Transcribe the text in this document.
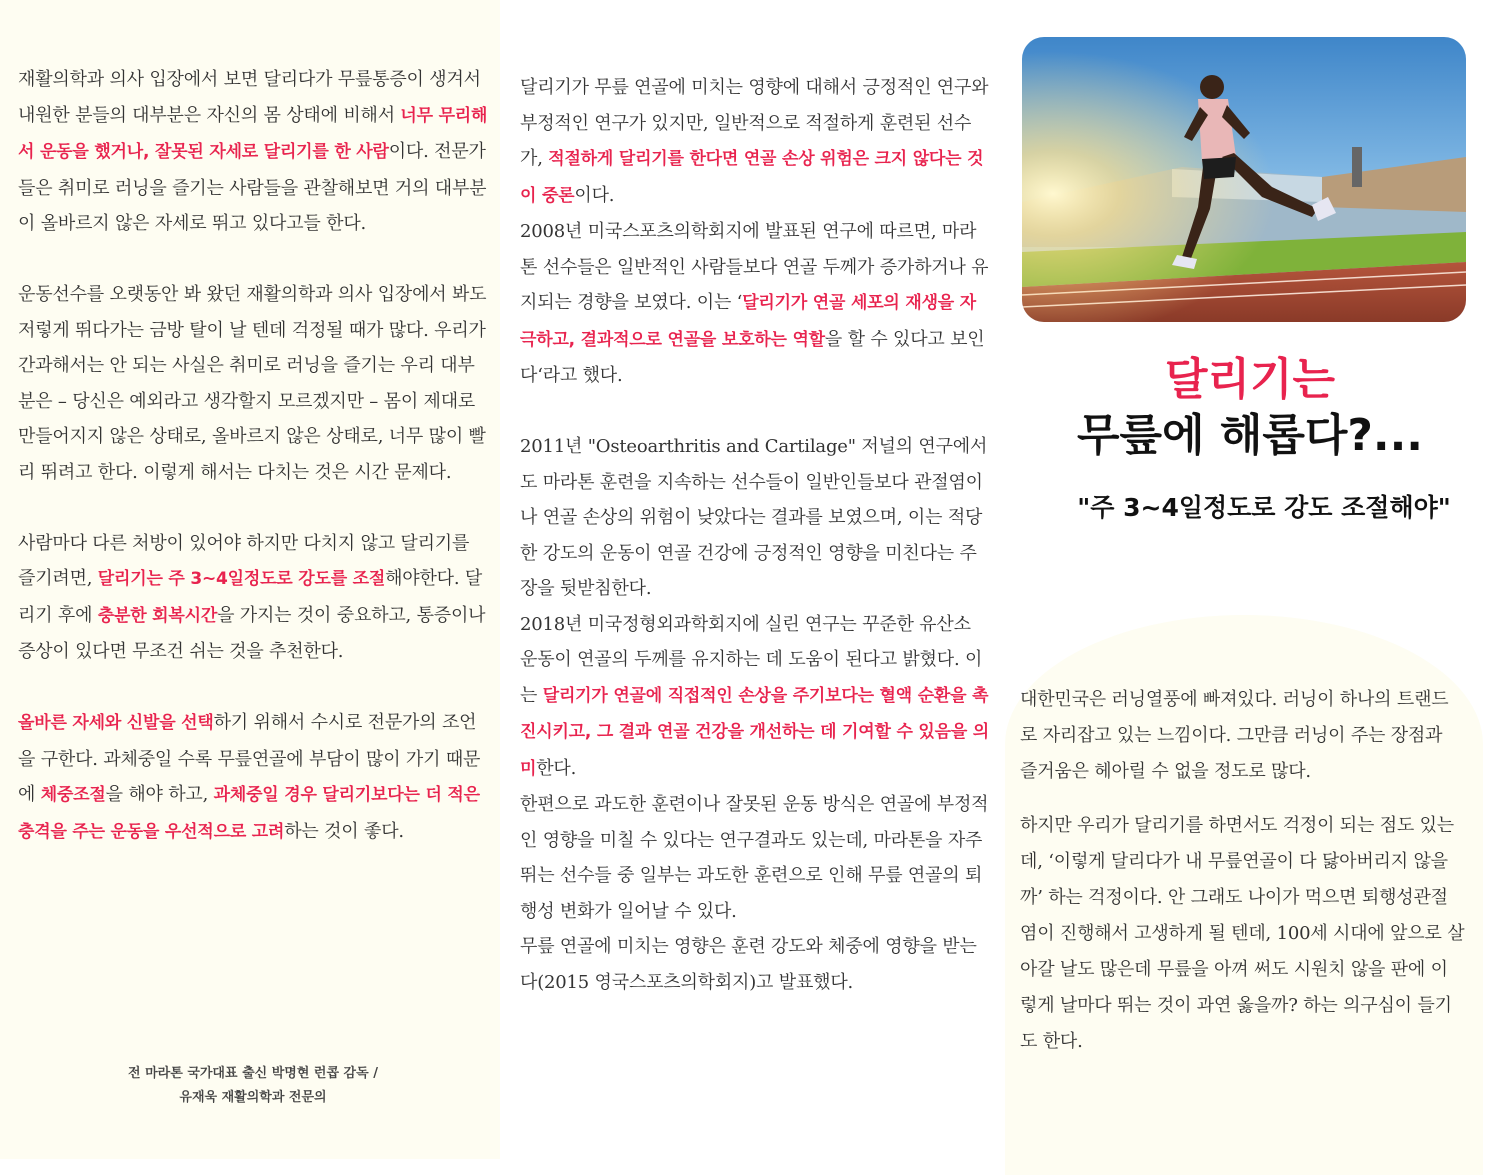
재활의학과 의사 입장에서 보면 달리다가 무릎통증이 생겨서 내원한 분들의 대부분은 자신의 몸 상태에 비해서 너무 무리해서 운동을 했거나, 잘못된 자세로 달리기를 한 사람이다. 전문가들은 취미로 러닝을 즐기는 사람들을 관찰해보면 거의 대부분이 올바르지 않은 자세로 뛰고 있다고들 한다.

운동선수를 오랫동안 봐 왔던 재활의학과 의사 입장에서 봐도 저렇게 뛰다가는 금방 탈이 날 텐데 걱정될 때가 많다. 우리가 간과해서는 안 되는 사실은 취미로 러닝을 즐기는 우리 대부분은 – 당신은 예외라고 생각할지 모르겠지만 – 몸이 제대로 만들어지지 않은 상태로, 올바르지 않은 상태로, 너무 많이 빨리 뛰려고 한다. 이렇게 해서는 다치는 것은 시간 문제다.

사람마다 다른 처방이 있어야 하지만 다치지 않고 달리기를 즐기려면, 달리기는 주 3~4일정도로 강도를 조절해야한다. 달리기 후에 충분한 회복시간을 가지는 것이 중요하고, 통증이나 증상이 있다면 무조건 쉬는 것을 추천한다.

올바른 자세와 신발을 선택하기 위해서 수시로 전문가의 조언을 구한다. 과체중일 수록 무릎연골에 부담이 많이 가기 때문에 체중조절을 해야 하고, 과체중일 경우 달리기보다는 더 적은 충격을 주는 운동을 우선적으로 고려하는 것이 좋다.

전 마라톤 국가대표 출신 박명현 런콥 감독 /
유재욱 재활의학과 전문의

달리기가 무릎 연골에 미치는 영향에 대해서 긍정적인 연구와 부정적인 연구가 있지만, 일반적으로 적절하게 훈련된 선수가, 적절하게 달리기를 한다면 연골 손상 위험은 크지 않다는 것이 중론이다.

2008년 미국스포츠의학회지에 발표된 연구에 따르면, 마라톤 선수들은 일반적인 사람들보다 연골 두께가 증가하거나 유지되는 경향을 보였다. 이는 ‘달리기가 연골 세포의 재생을 자극하고, 결과적으로 연골을 보호하는 역할을 할 수 있다고 보인다‘라고 했다.

2011년 "Osteoarthritis and Cartilage" 저널의 연구에서도 마라톤 훈련을 지속하는 선수들이 일반인들보다 관절염이나 연골 손상의 위험이 낮았다는 결과를 보였으며, 이는 적당한 강도의 운동이 연골 건강에 긍정적인 영향을 미친다는 주장을 뒷받침한다.

2018년 미국정형외과학회지에 실린 연구는 꾸준한 유산소 운동이 연골의 두께를 유지하는 데 도움이 된다고 밝혔다. 이는 달리기가 연골에 직접적인 손상을 주기보다는 혈액 순환을 촉진시키고, 그 결과 연골 건강을 개선하는 데 기여할 수 있음을 의미한다.

한편으로 과도한 훈련이나 잘못된 운동 방식은 연골에 부정적인 영향을 미칠 수 있다는 연구결과도 있는데, 마라톤을 자주 뛰는 선수들 중 일부는 과도한 훈련으로 인해 무릎 연골의 퇴행성 변화가 일어날 수 있다.

무릎 연골에 미치는 영향은 훈련 강도와 체중에 영향을 받는다(2015 영국스포츠의학회지)고 발표했다.

달리기는
무릎에 해롭다?...
"주 3~4일정도로 강도 조절해야"

대한민국은 러닝열풍에 빠져있다. 러닝이 하나의 트랜드로 자리잡고 있는 느낌이다. 그만큼 러닝이 주는 장점과 즐거움은 헤아릴 수 없을 정도로 많다.

하지만 우리가 달리기를 하면서도 걱정이 되는 점도 있는데, ‘이렇게 달리다가 내 무릎연골이 다 닳아버리지 않을까’ 하는 걱정이다. 안 그래도 나이가 먹으면 퇴행성관절염이 진행해서 고생하게 될 텐데, 100세 시대에 앞으로 살아갈 날도 많은데 무릎을 아껴 써도 시원치 않을 판에 이렇게 날마다 뛰는 것이 과연 옳을까? 하는 의구심이 들기도 한다.
